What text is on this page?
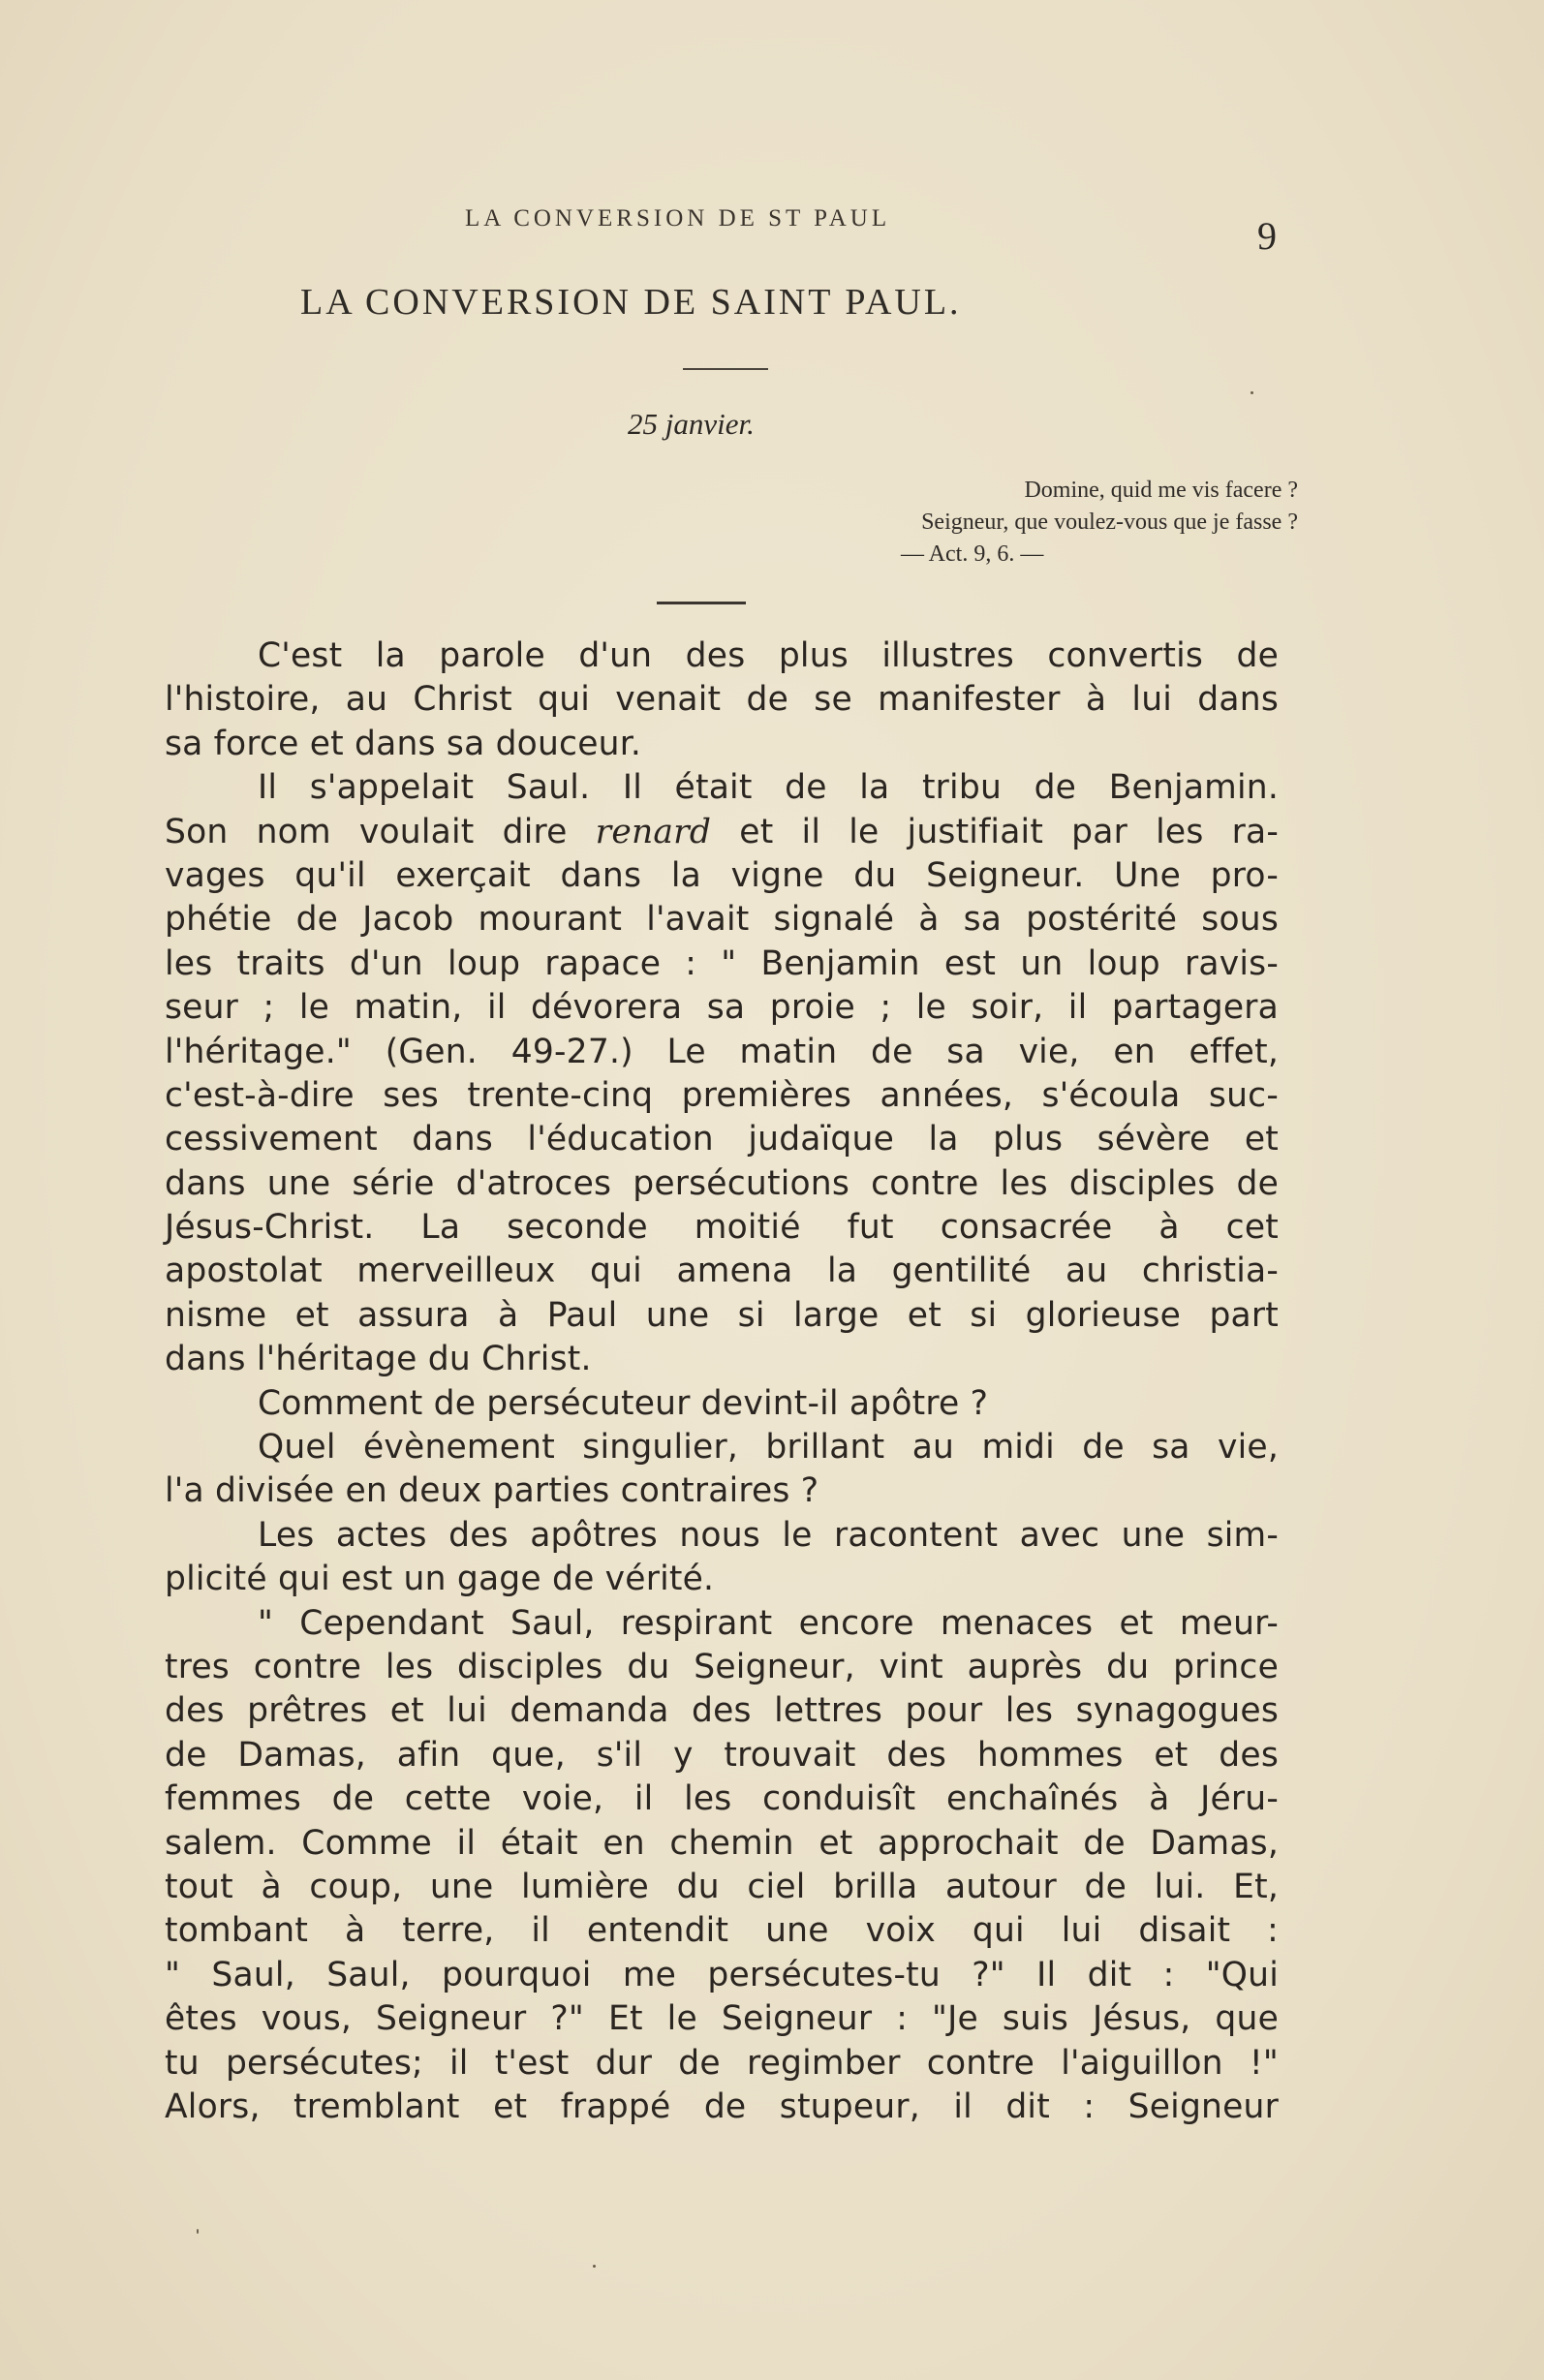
LA CONVERSION DE ST PAUL	9
LA CONVERSION DE SAINT PAUL.
25 janvier.
Domine, quid me vis facere ?
Seigneur, que voulez-vous que je fasse ?
— Act. 9, 6. —
C'est la parole d'un des plus illustres convertis de
l'histoire, au Christ qui venait de se manifester à lui dans
sa force et dans sa douceur.
Il s'appelait Saul. Il était de la tribu de Benjamin.
Son nom voulait dire renard et il le justifiait par les ra-
vages qu'il exerçait dans la vigne du Seigneur. Une pro-
phétie de Jacob mourant l'avait signalé à sa postérité sous
les traits d'un loup rapace : " Benjamin est un loup ravis-
seur ; le matin, il dévorera sa proie ; le soir, il partagera
l'héritage." (Gen. 49-27.) Le matin de sa vie, en effet,
c'est-à-dire ses trente-cinq premières années, s'écoula suc-
cessivement dans l'éducation judaïque la plus sévère et
dans une série d'atroces persécutions contre les disciples de
Jésus-Christ. La seconde moitié fut consacrée à cet
apostolat merveilleux qui amena la gentilité au christia-
nisme et assura à Paul une si large et si glorieuse part
dans l'héritage du Christ.
Comment de persécuteur devint-il apôtre ?
Quel évènement singulier, brillant au midi de sa vie,
l'a divisée en deux parties contraires ?
Les actes des apôtres nous le racontent avec une sim-
plicité qui est un gage de vérité.
" Cependant Saul, respirant encore menaces et meur-
tres contre les disciples du Seigneur, vint auprès du prince
des prêtres et lui demanda des lettres pour les synagogues
de Damas, afin que, s'il y trouvait des hommes et des
femmes de cette voie, il les conduisît enchaînés à Jéru-
salem. Comme il était en chemin et approchait de Damas,
tout à coup, une lumière du ciel brilla autour de lui. Et,
tombant à terre, il entendit une voix qui lui disait :
" Saul, Saul, pourquoi me persécutes-tu ?" Il dit : "Qui
êtes vous, Seigneur ?" Et le Seigneur : "Je suis Jésus, que
tu persécutes; il t'est dur de regimber contre l'aiguillon !"
Alors, tremblant et frappé de stupeur, il dit : Seigneur
